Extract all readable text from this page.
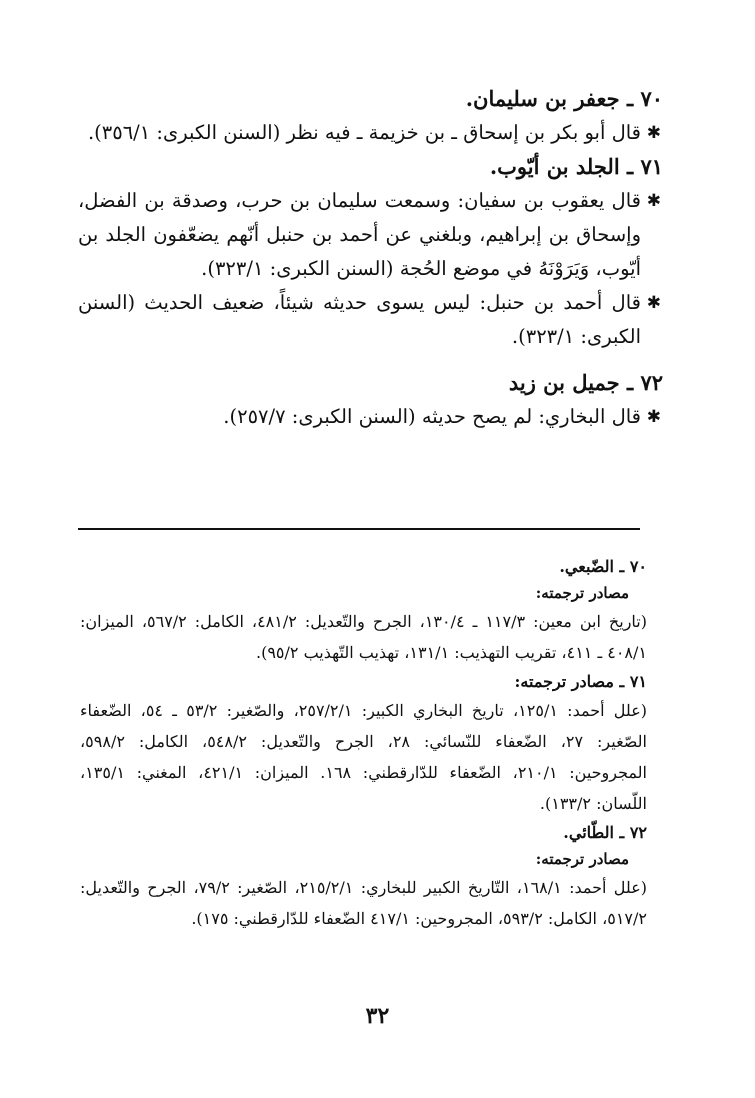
٧٠ ـ جعفر بن سليمان.

✱
قال أبو بكر بن إسحاق ـ بن خزيمة ـ فيه نظر (السنن الكبرى: ٣٥٦/١).

٧١ ـ الجلد بن أيّوب.

✱
قال يعقوب بن سفيان: وسمعت سليمان بن حرب، وصدقة بن الفضل، وإسحاق بن إبراهيم، وبلغني عن أحمد بن حنبل أنّهم يضعّفون الجلد بن أيّوب، وَيَرَوْنَهُ في موضع الحُجة (السنن الكبرى: ٣٢٣/١).

✱
قال أحمد بن حنبل: ليس يسوى حديثه شيئاً، ضعيف الحديث (السنن الكبرى: ٣٢٣/١).

٧٢ ـ جميل بن زيد

✱
قال البخاري: لم يصح حديثه (السنن الكبرى: ٢٥٧/٧).

٧٠ ـ الضّبعي.

مصادر ترجمته:

(تاريخ ابن معين: ١١٧/٣ ـ ١٣٠/٤، الجرح والتّعديل: ٤٨١/٢، الكامل: ٥٦٧/٢، الميزان: ٤٠٨/١ ـ ٤١١، تقريب التهذيب: ١٣١/١، تهذيب التّهذيب ٩٥/٢).

٧١ ـ مصادر ترجمته:

(علل أحمد: ١٢٥/١، تاريخ البخاري الكبير: ٢٥٧/٢/١، والصّغير: ٥٣/٢ ـ ٥٤، الضّعفاء الصّغير: ٢٧، الضّعفاء للنّسائي: ٢٨، الجرح والتّعديل: ٥٤٨/٢، الكامل: ٥٩٨/٢، المجروحين: ٢١٠/١، الضّعفاء للدّارقطني: ١٦٨. الميزان: ٤٢١/١، المغني: ١٣٥/١، اللّسان: ١٣٣/٢).

٧٢ ـ الطّائي.

مصادر ترجمته:

(علل أحمد: ١٦٨/١، التّاريخ الكبير للبخاري: ٢١٥/٢/١، الصّغير: ٧٩/٢، الجرح والتّعديل: ٥١٧/٢، الكامل: ٥٩٣/٢، المجروحين: ٤١٧/١ الضّعفاء للدّارقطني: ١٧٥).

٣٢
